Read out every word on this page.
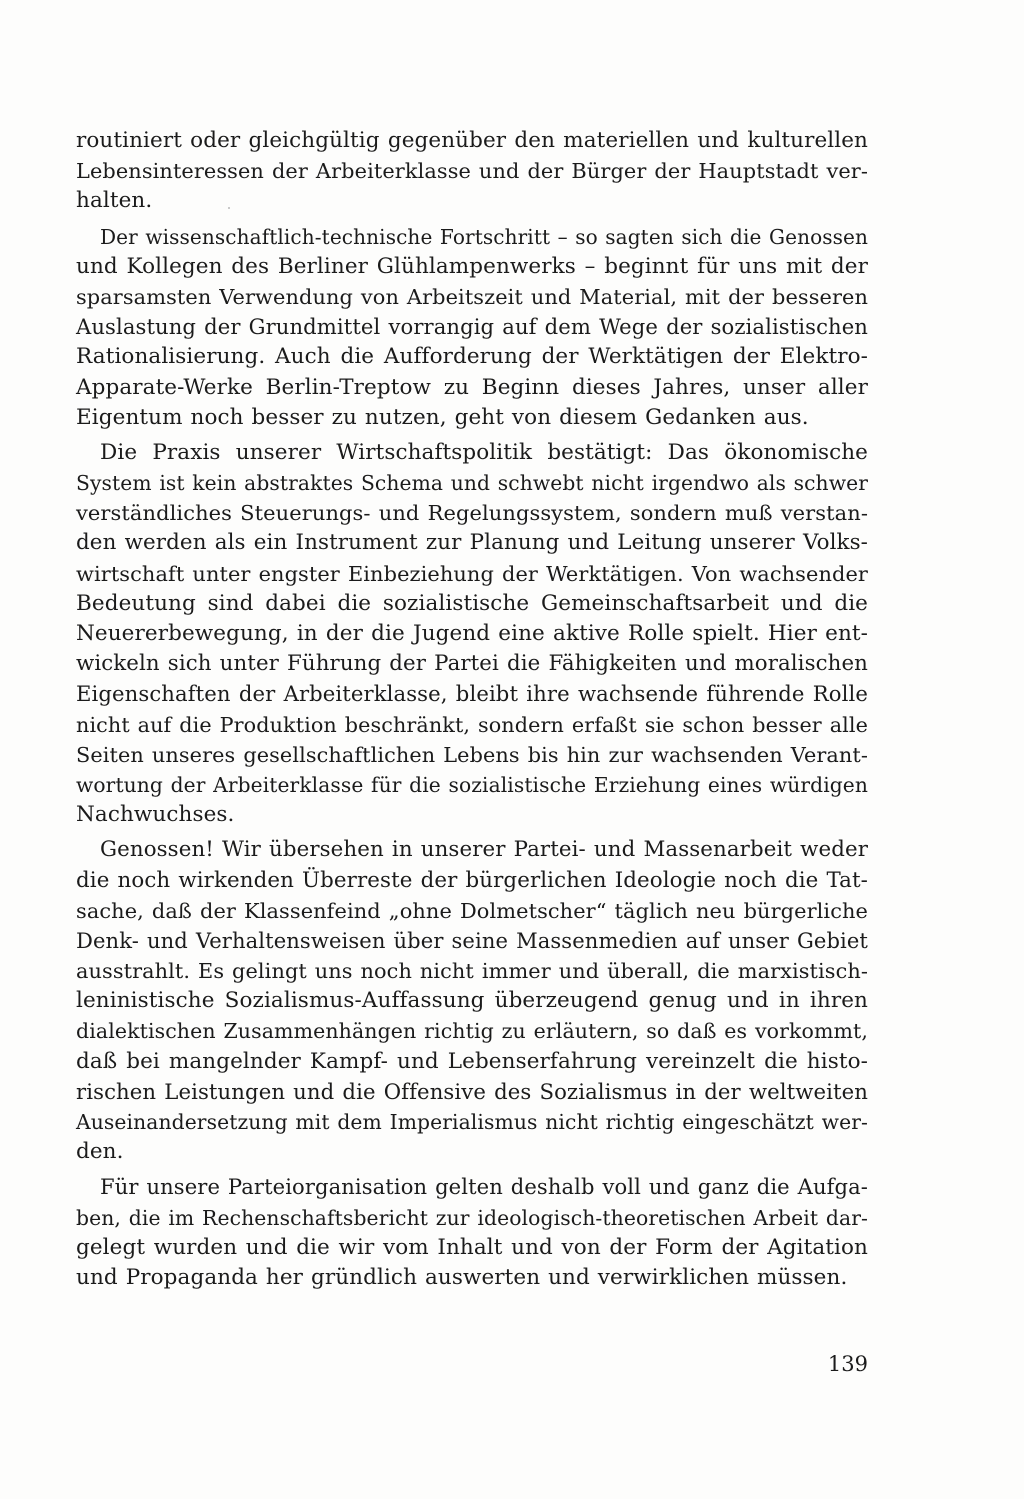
routiniert oder gleichgültig gegenüber den materiellen und kulturellen
Lebensinteressen der Arbeiterklasse und der Bürger der Hauptstadt ver-
halten.
Der wissenschaftlich-technische Fortschritt – so sagten sich die Genossen
und Kollegen des Berliner Glühlampenwerks – beginnt für uns mit der
sparsamsten Verwendung von Arbeitszeit und Material, mit der besseren
Auslastung der Grundmittel vorrangig auf dem Wege der sozialistischen
Rationalisierung. Auch die Aufforderung der Werktätigen der Elektro-
Apparate-Werke Berlin-Treptow zu Beginn dieses Jahres, unser aller
Eigentum noch besser zu nutzen, geht von diesem Gedanken aus.
Die Praxis unserer Wirtschaftspolitik bestätigt: Das ökonomische
System ist kein abstraktes Schema und schwebt nicht irgendwo als schwer
verständliches Steuerungs- und Regelungssystem, sondern muß verstan-
den werden als ein Instrument zur Planung und Leitung unserer Volks-
wirtschaft unter engster Einbeziehung der Werktätigen. Von wachsender
Bedeutung sind dabei die sozialistische Gemeinschaftsarbeit und die
Neuererbewegung, in der die Jugend eine aktive Rolle spielt. Hier ent-
wickeln sich unter Führung der Partei die Fähigkeiten und moralischen
Eigenschaften der Arbeiterklasse, bleibt ihre wachsende führende Rolle
nicht auf die Produktion beschränkt, sondern erfaßt sie schon besser alle
Seiten unseres gesellschaftlichen Lebens bis hin zur wachsenden Verant-
wortung der Arbeiterklasse für die sozialistische Erziehung eines würdigen
Nachwuchses.
Genossen! Wir übersehen in unserer Partei- und Massenarbeit weder
die noch wirkenden Überreste der bürgerlichen Ideologie noch die Tat-
sache, daß der Klassenfeind „ohne Dolmetscher“ täglich neu bürgerliche
Denk- und Verhaltensweisen über seine Massenmedien auf unser Gebiet
ausstrahlt. Es gelingt uns noch nicht immer und überall, die marxistisch-
leninistische Sozialismus-Auffassung überzeugend genug und in ihren
dialektischen Zusammenhängen richtig zu erläutern, so daß es vorkommt,
daß bei mangelnder Kampf- und Lebenserfahrung vereinzelt die histo-
rischen Leistungen und die Offensive des Sozialismus in der weltweiten
Auseinandersetzung mit dem Imperialismus nicht richtig eingeschätzt wer-
den.
Für unsere Parteiorganisation gelten deshalb voll und ganz die Aufga-
ben, die im Rechenschaftsbericht zur ideologisch-theoretischen Arbeit dar-
gelegt wurden und die wir vom Inhalt und von der Form der Agitation
und Propaganda her gründlich auswerten und verwirklichen müssen.
139
